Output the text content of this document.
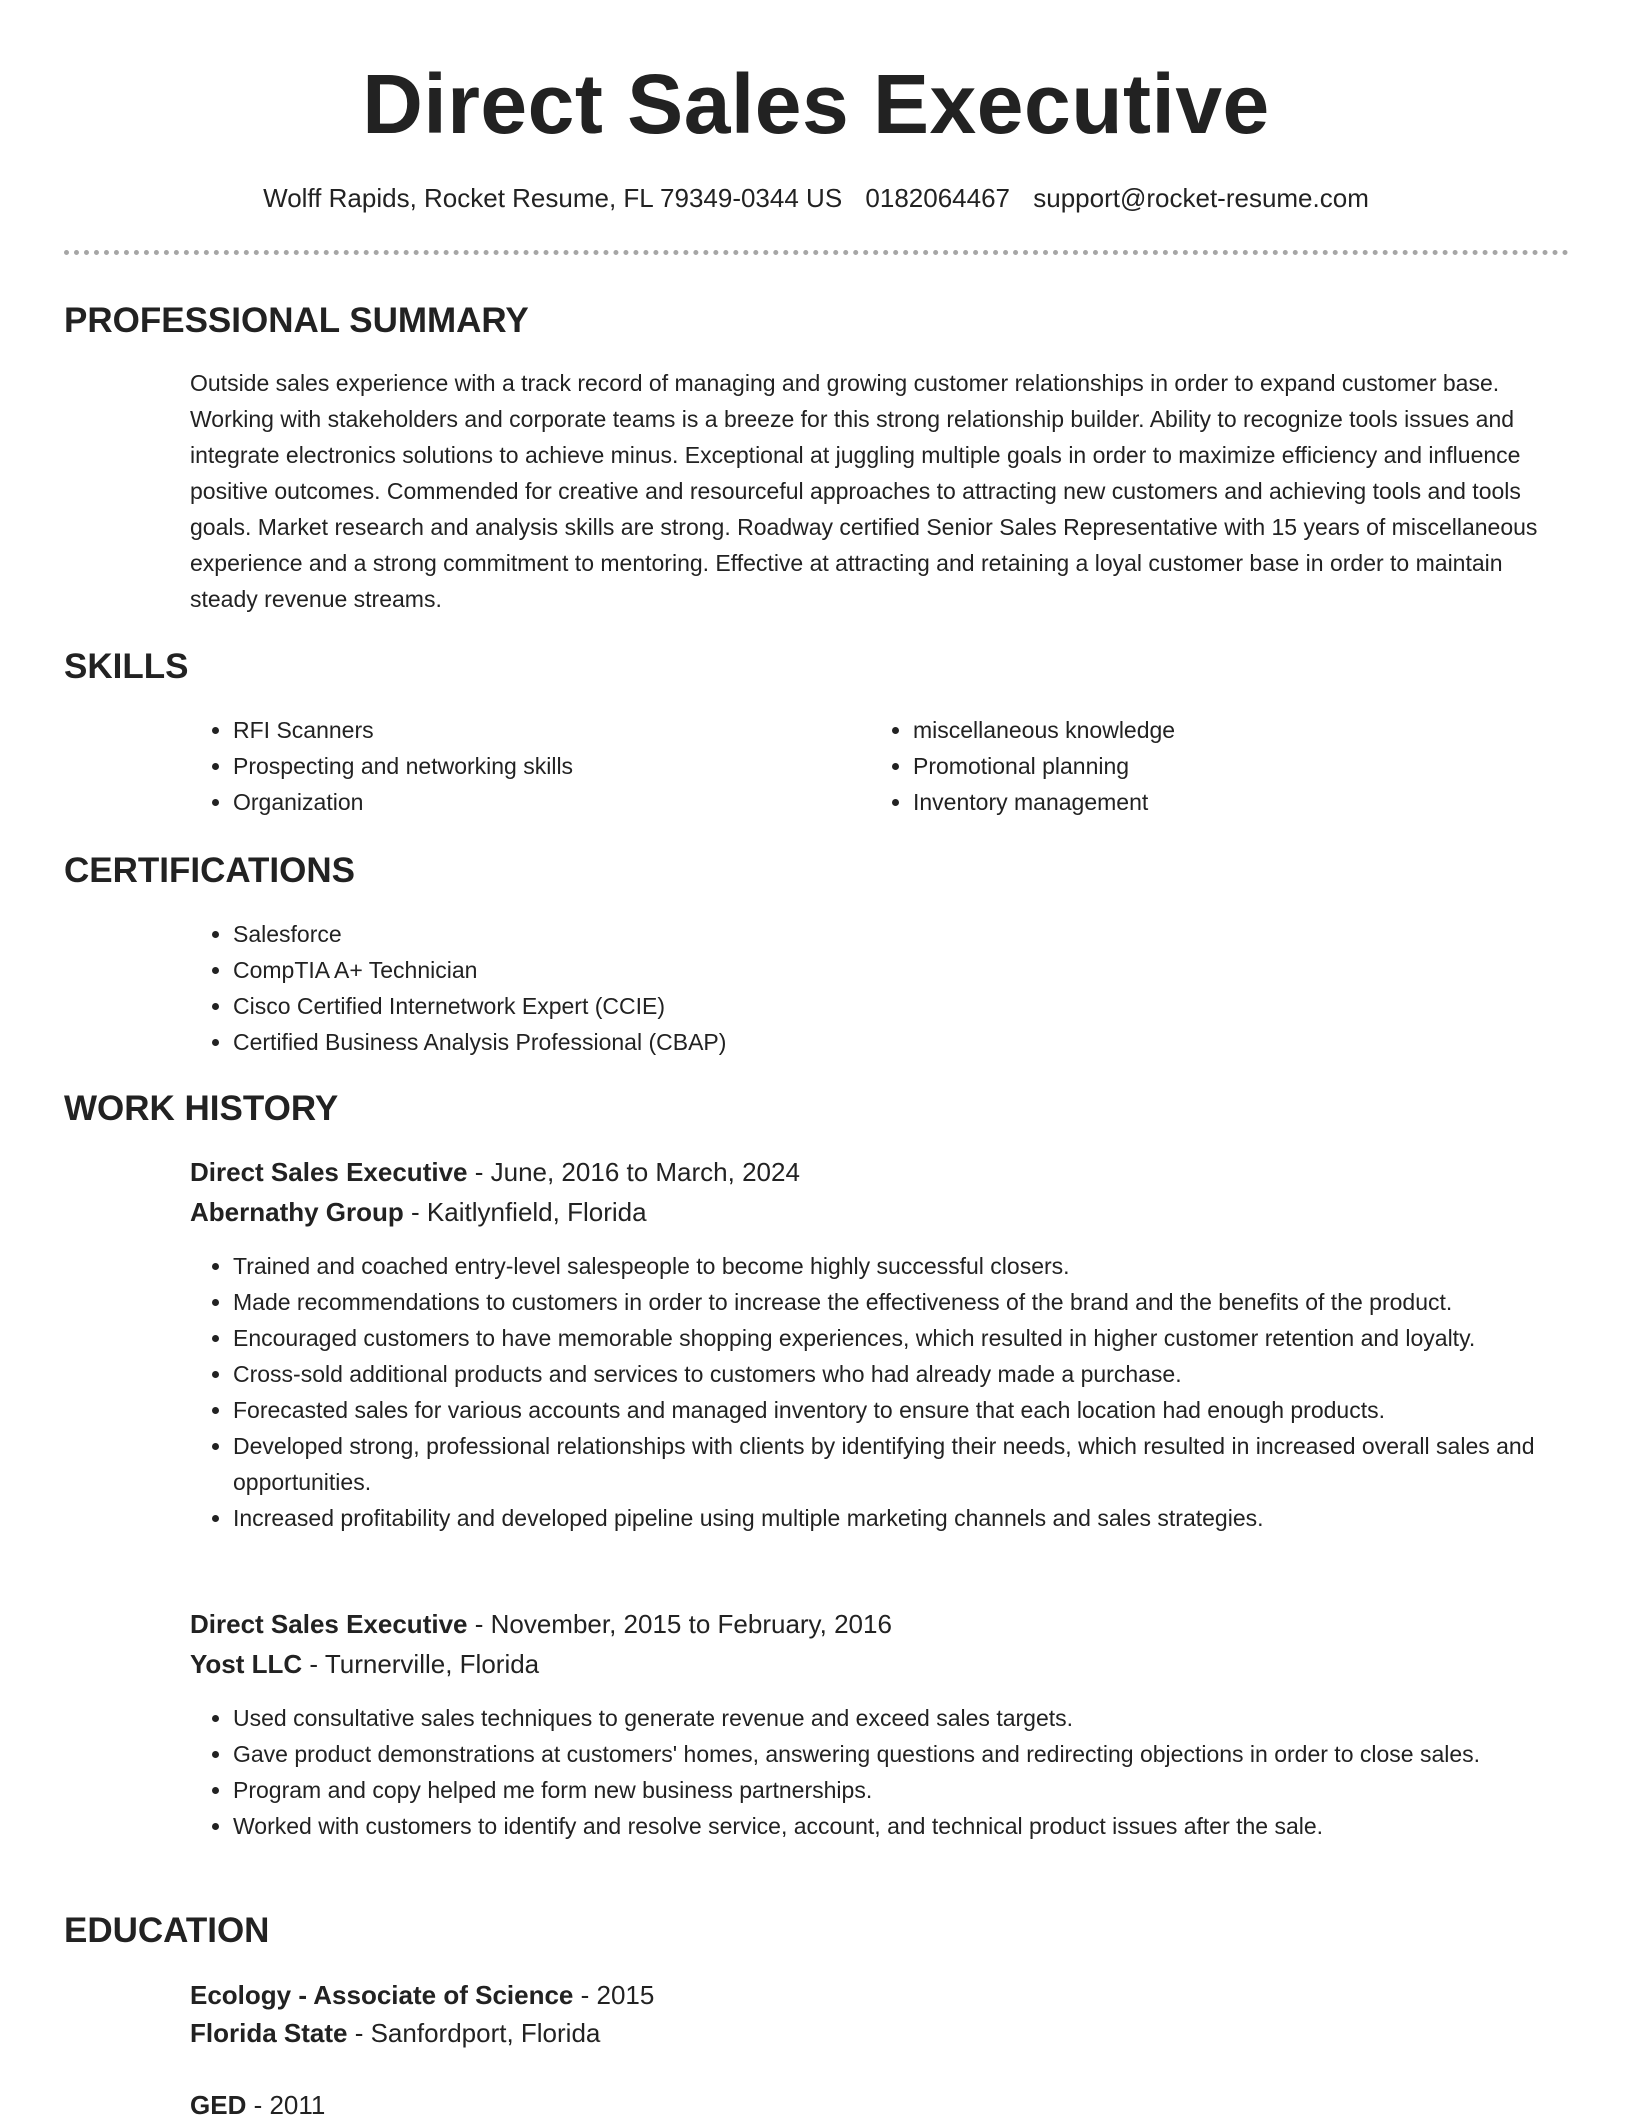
Direct Sales Executive
Wolff Rapids, Rocket Resume, FL 79349-0344 US 0182064467 support@rocket-resume.com
PROFESSIONAL SUMMARY

Outside sales experience with a track record of managing and growing customer relationships in order to expand customer base. Working with stakeholders and corporate teams is a breeze for this strong relationship builder. Ability to recognize tools issues and integrate electronics solutions to achieve minus. Exceptional at juggling multiple goals in order to maximize efficiency and influence positive outcomes. Commended for creative and resourceful approaches to attracting new customers and achieving tools and tools goals. Market research and analysis skills are strong. Roadway certified Senior Sales Representative with 15 years of miscellaneous experience and a strong commitment to mentoring. Effective at attracting and retaining a loyal customer base in order to maintain steady revenue streams.

SKILLS
• RFI Scanners
• Prospecting and networking skills
• Organization
• miscellaneous knowledge
• Promotional planning
• Inventory management
CERTIFICATIONS
• Salesforce
• CompTIA A+ Technician
• Cisco Certified Internetwork Expert (CCIE)
• Certified Business Analysis Professional (CBAP)
WORK HISTORY
Direct Sales Executive - June, 2016 to March, 2024
Abernathy Group - Kaitlynfield, Florida
• Trained and coached entry-level salespeople to become highly successful closers.
• Made recommendations to customers in order to increase the effectiveness of the brand and the benefits of the product.
• Encouraged customers to have memorable shopping experiences, which resulted in higher customer retention and loyalty.
• Cross-sold additional products and services to customers who had already made a purchase.
• Forecasted sales for various accounts and managed inventory to ensure that each location had enough products.
• Developed strong, professional relationships with clients by identifying their needs, which resulted in increased overall sales and opportunities.
• Increased profitability and developed pipeline using multiple marketing channels and sales strategies.
Direct Sales Executive - November, 2015 to February, 2016
Yost LLC - Turnerville, Florida
• Used consultative sales techniques to generate revenue and exceed sales targets.
• Gave product demonstrations at customers' homes, answering questions and redirecting objections in order to close sales.
• Program and copy helped me form new business partnerships.
• Worked with customers to identify and resolve service, account, and technical product issues after the sale.
EDUCATION
Ecology - Associate of Science - 2015
Florida State - Sanfordport, Florida
GED - 2011
